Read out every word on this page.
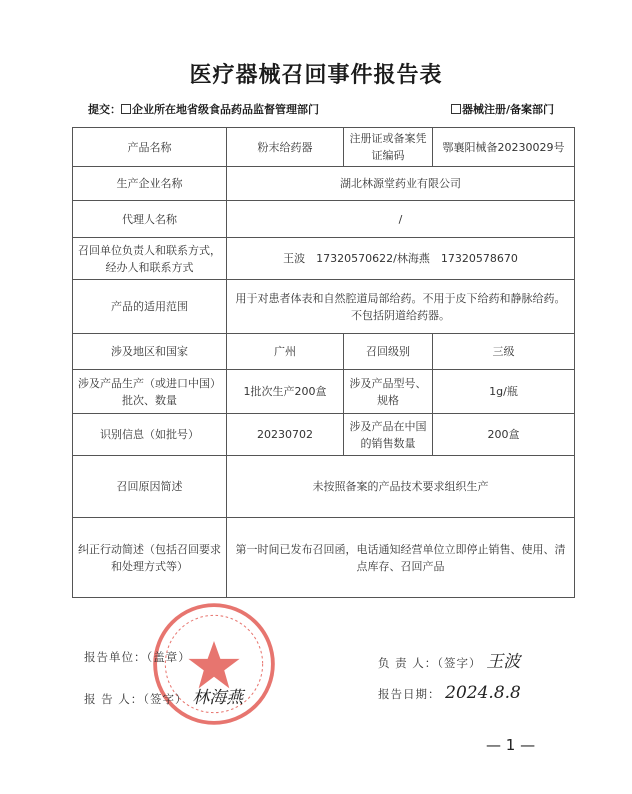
医疗器械召回事件报告表
提交： 企业所在地省级食品药品监督管理部门	器械注册/备案部门
产品名称	粉末给药器	注册证或备案凭证编码	鄂襄阳械备20230029号
生产企业名称	湖北林源堂药业有限公司		
代理人名称	/		
召回单位负责人和联系方式，经办人和联系方式	王波　17320570622/林海燕　17320578670		
产品的适用范围	用于对患者体表和自然腔道局部给药。不用于皮下给药和静脉给药。不包括阴道给药器。		
涉及地区和国家	广州	召回级别	三级
涉及产品生产（或进口中国）批次、数量	1批次生产200盒	涉及产品型号、规格	1g/瓶
识别信息（如批号）	20230702	涉及产品在中国的销售数量	200盒
召回原因简述	未按照备案的产品技术要求组织生产		
纠正行动简述（包括召回要求和处理方式等）	第一时间已发布召回函，电话通知经营单位立即停止销售、使用、清点库存、召回产品		
报告单位：（盖章）
报 告 人：（签字） 林海燕
负 责 人：（签字） 王波
报告日期： 2024.8.8
— 1 —
